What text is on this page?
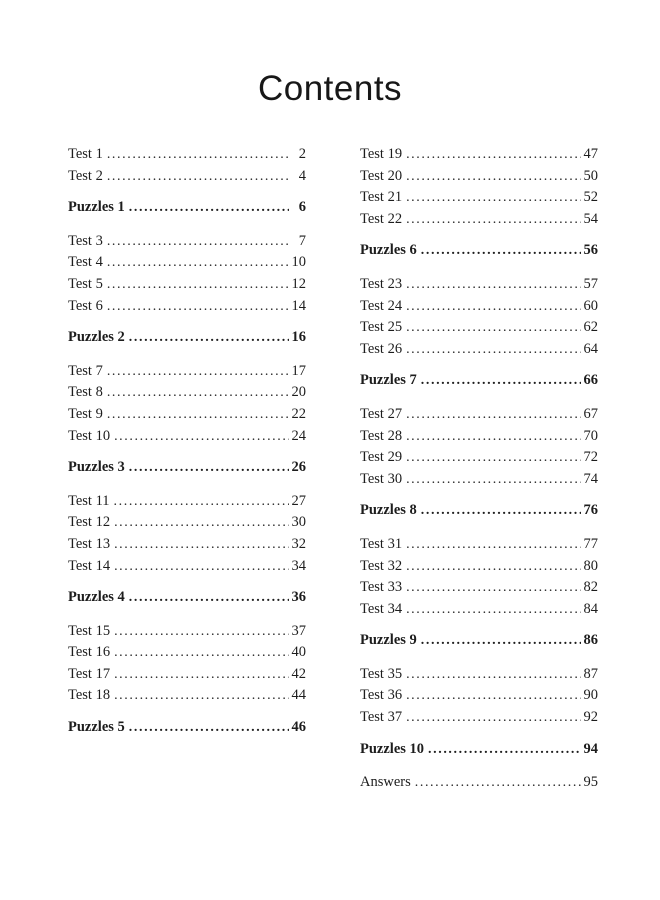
Contents
Test 1 .....	2
Test 2 .....	4
Puzzles 1 .....	6
Test 3 .....	7
Test 4 .....	10
Test 5 .....	12
Test 6 .....	14
Puzzles 2 .....	16
Test 7 .....	17
Test 8 .....	20
Test 9 .....	22
Test 10 .....	24
Puzzles 3 .....	26
Test 11 .....	27
Test 12 .....	30
Test 13 .....	32
Test 14 .....	34
Puzzles 4 .....	36
Test 15 .....	37
Test 16 .....	40
Test 17 .....	42
Test 18 .....	44
Puzzles 5 .....	46
Test 19 .....	47
Test 20 .....	50
Test 21 .....	52
Test 22 .....	54
Puzzles 6 .....	56
Test 23 .....	57
Test 24 .....	60
Test 25 .....	62
Test 26 .....	64
Puzzles 7 .....	66
Test 27 .....	67
Test 28 .....	70
Test 29 .....	72
Test 30 .....	74
Puzzles 8 .....	76
Test 31 .....	77
Test 32 .....	80
Test 33 .....	82
Test 34 .....	84
Puzzles 9 .....	86
Test 35 .....	87
Test 36 .....	90
Test 37 .....	92
Puzzles 10 .....	94
Answers .....	95
